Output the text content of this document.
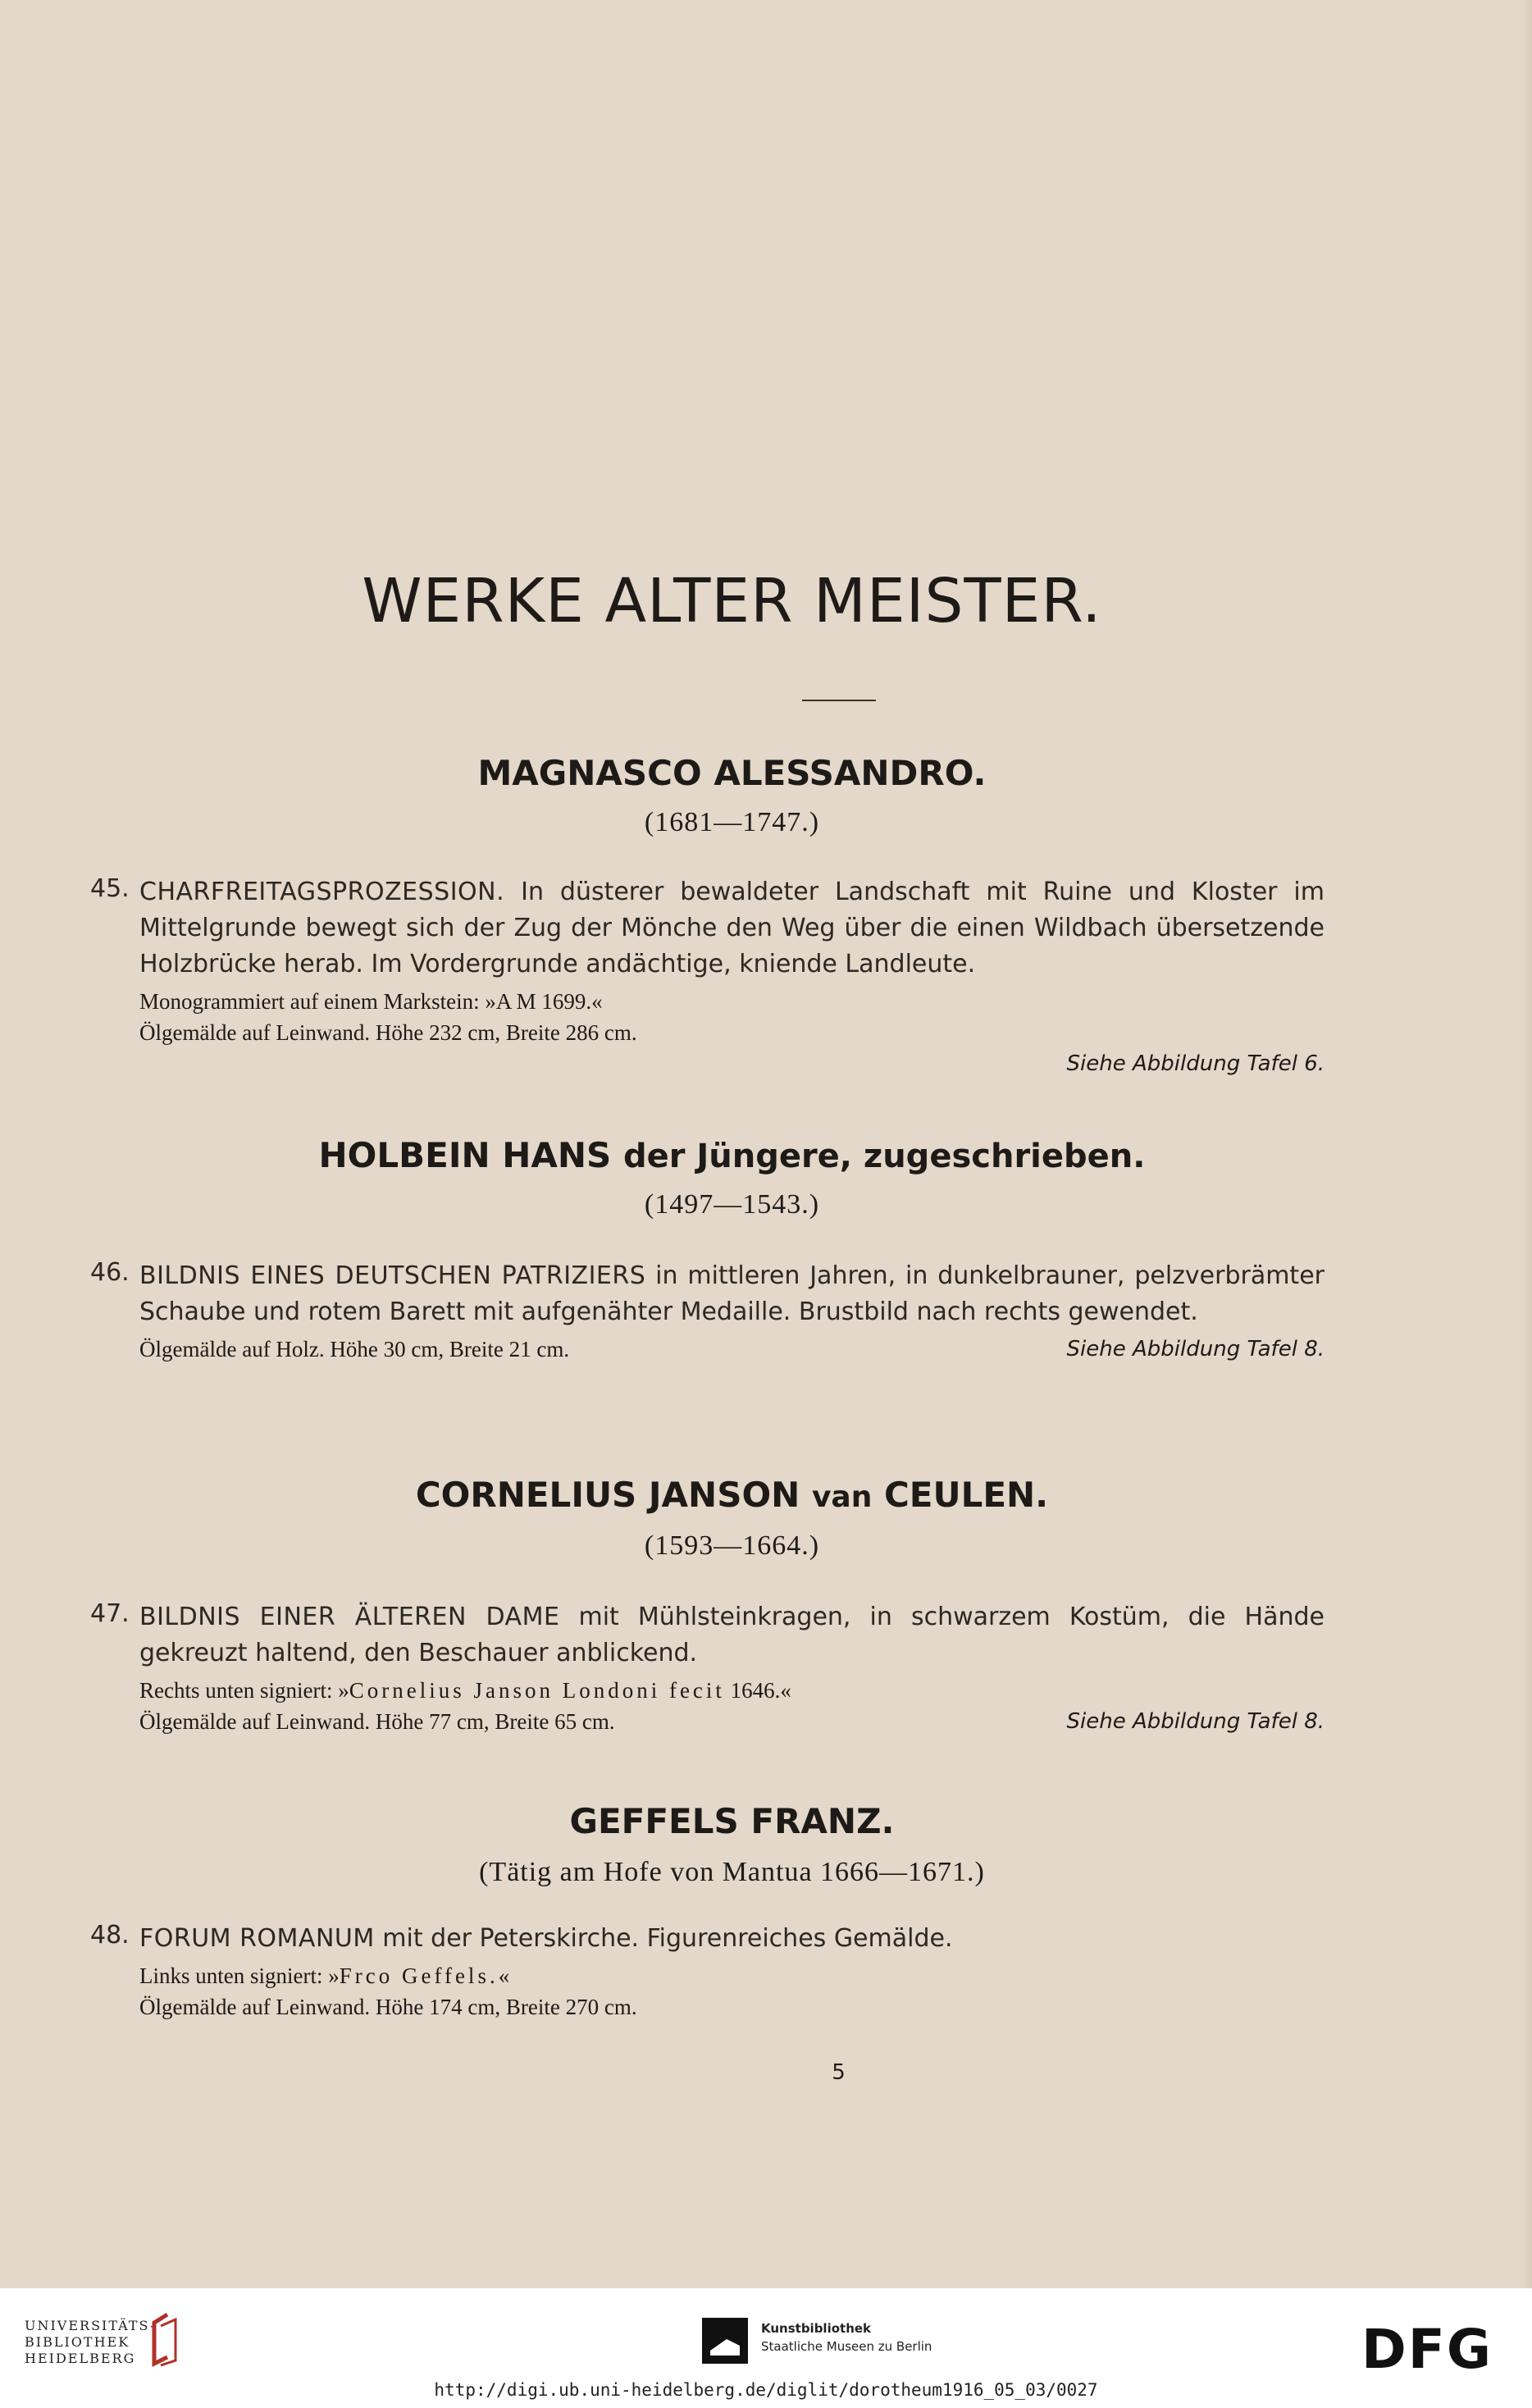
WERKE ALTER MEISTER.
MAGNASCO ALESSANDRO.

(1681—1747.)

45. CHARFREITAGSPROZESSION. In düsterer bewaldeter Landschaft mit Ruine und Kloster im Mittelgrunde bewegt sich der Zug der Mönche den Weg über die einen Wildbach übersetzende Holzbrücke herab. Im Vordergrunde andächtige, kniende Landleute.

Monogrammiert auf einem Markstein: »A M 1699.«
Ölgemälde auf Leinwand. Höhe 232 cm, Breite 286 cm.
Siehe Abbildung Tafel 6.
HOLBEIN HANS der Jüngere, zugeschrieben.

(1497—1543.)

46. BILDNIS EINES DEUTSCHEN PATRIZIERS in mittleren Jahren, in dunkelbrauner, pelzverbrämter Schaube und rotem Barett mit aufgenähter Medaille. Brustbild nach rechts gewendet.

Ölgemälde auf Holz. Höhe 30 cm, Breite 21 cm.	Siehe Abbildung Tafel 8.
CORNELIUS JANSON van CEULEN.

(1593—1664.)

47. BILDNIS EINER ÄLTEREN DAME mit Mühlsteinkragen, in schwarzem Kostüm, die Hände gekreuzt haltend, den Beschauer anblickend.

Rechts unten signiert: »Cornelius Janson Londoni fecit 1646.«
Ölgemälde auf Leinwand. Höhe 77 cm, Breite 65 cm.	Siehe Abbildung Tafel 8.
GEFFELS FRANZ.

(Tätig am Hofe von Mantua 1666—1671.)

48. FORUM ROMANUM mit der Peterskirche. Figurenreiches Gemälde.

Links unten signiert: »Frco Geffels.«
Ölgemälde auf Leinwand. Höhe 174 cm, Breite 270 cm.
5
UNIVERSITÄTS-
BIBLIOTHEK
HEIDELBERG
Kunstbibliothek
Staatliche Museen zu Berlin	DFG
http://digi.ub.uni-heidelberg.de/diglit/dorotheum1916_05_03/0027
